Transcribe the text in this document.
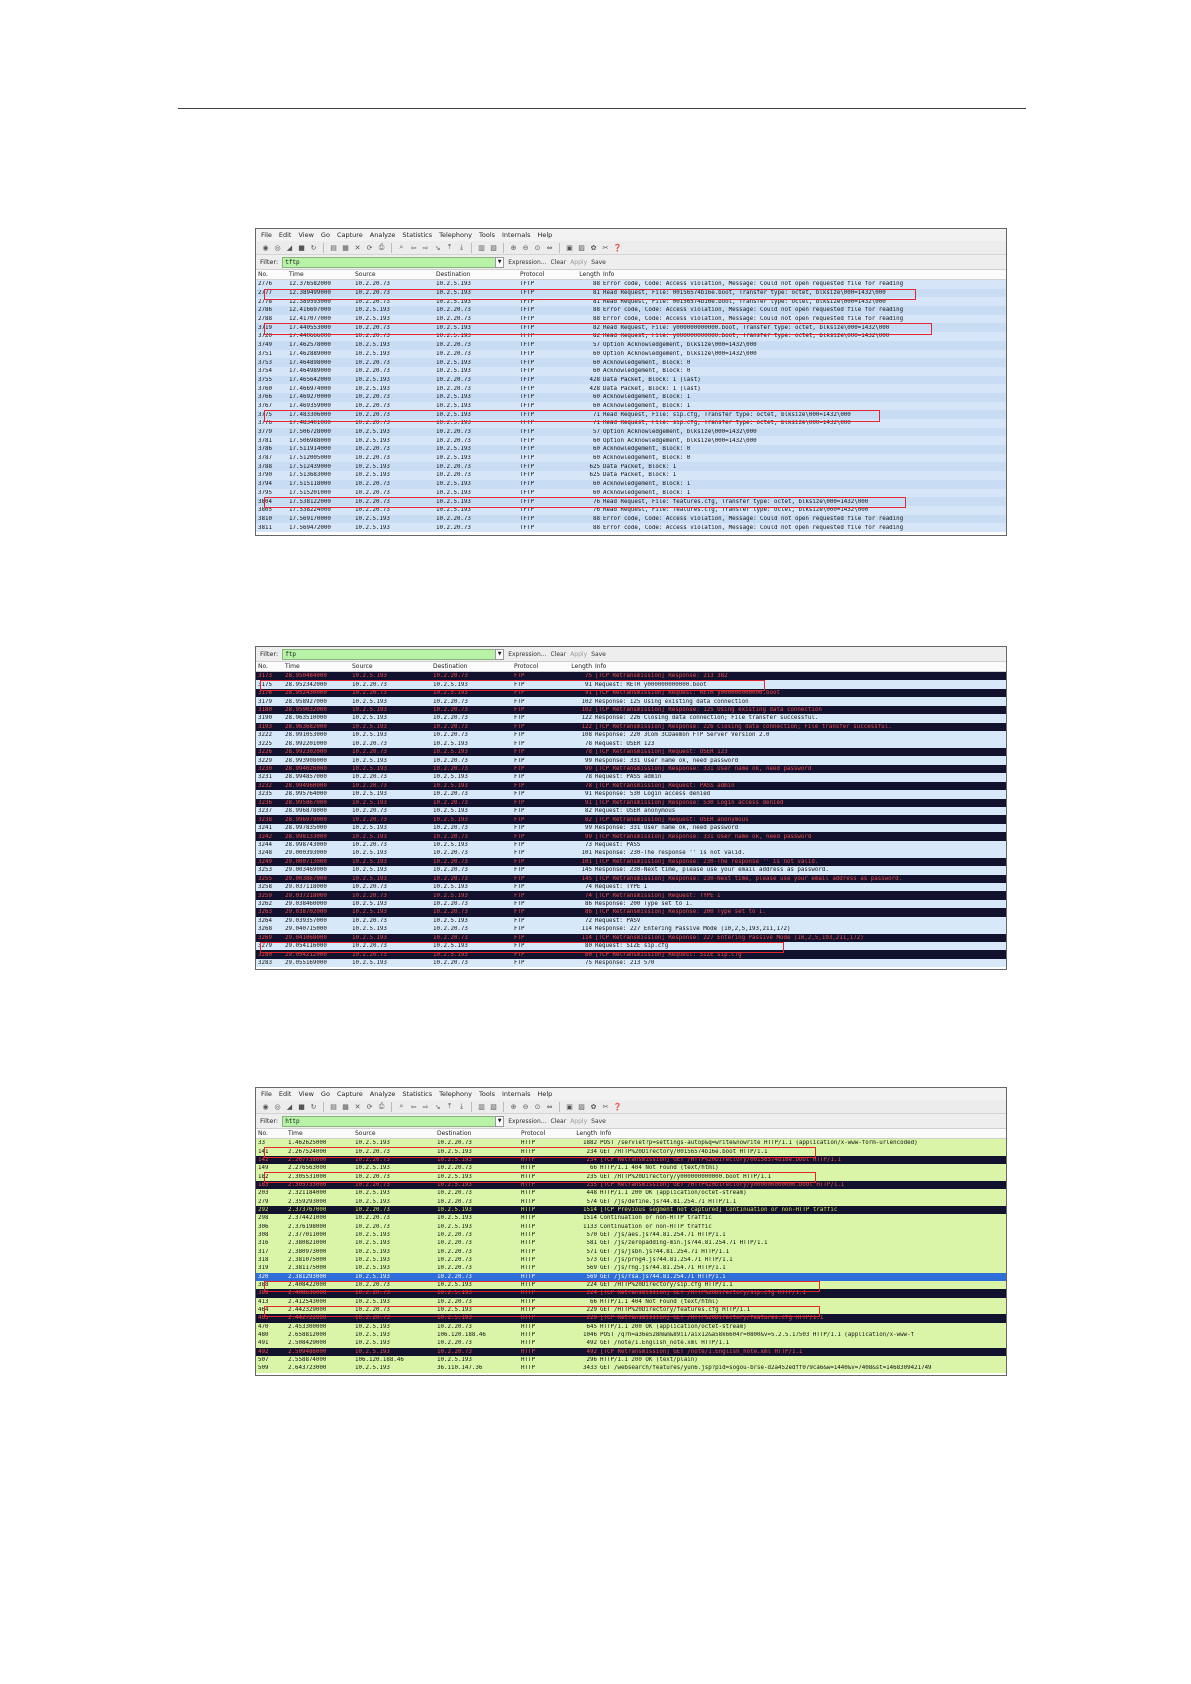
File Edit View Go Capture Analyze Statistics Telephony Tools Internals Help
◉ ◎ ◢ ■ ↻ ▤ ▦ ✕ ⟳ ⎙	⌕	⇦ ⇨ ↘	⤒	⤓	▥ ▧ ⊕ ⊖ ⊙ ⇔ ▣ ▨ ✿ ✂ ❓
Filter:	tftp	▼	Expression... Clear Apply Save
No.	Time	Source	Destination	Protocol	Length Info
2776	12.376582000	10.2.20.73	10.2.5.193	TFTP	88 Error code, Code: Access violation, Message: Could not open requested file for reading
2777	12.389499000	10.2.20.73	10.2.5.193	TFTP	81 Read Request, File: 00156574b16e.boot, Transfer type: octet, blksize\000=1432\000
2778	12.389593000	10.2.20.73	10.2.5.193	TFTP	81 Read Request, File: 00156574b16e.boot, Transfer type: octet, blksize\000=1432\000
2786	12.416697000	10.2.5.193	10.2.20.73	TFTP	88 Error code, Code: Access violation, Message: Could not open requested file for reading
2788	12.417077000	10.2.5.193	10.2.20.73	TFTP	88 Error code, Code: Access violation, Message: Could not open requested file for reading
3719	17.440553000	10.2.20.73	10.2.5.193	TFTP	82 Read Request, File: y000000000000.boot, Transfer type: octet, blksize\000=1432\000
3720	17.440666000	10.2.20.73	10.2.5.193	TFTP	82 Read Request, File: y000000000000.boot, Transfer type: octet, blksize\000=1432\000
3749	17.462578000	10.2.5.193	10.2.20.73	TFTP	57 Option Acknowledgement, blksize\000=1432\000
3751	17.462889000	10.2.5.193	10.2.20.73	TFTP	60 Option Acknowledgement, blksize\000=1432\000
3753	17.464898000	10.2.20.73	10.2.5.193	TFTP	60 Acknowledgement, Block: 0
3754	17.464989000	10.2.20.73	10.2.5.193	TFTP	60 Acknowledgement, Block: 0
3755	17.465642000	10.2.5.193	10.2.20.73	TFTP	428 Data Packet, Block: 1 (last)
3760	17.466974000	10.2.5.193	10.2.20.73	TFTP	428 Data Packet, Block: 1 (last)
3766	17.469270000	10.2.20.73	10.2.5.193	TFTP	60 Acknowledgement, Block: 1
3767	17.469359000	10.2.20.73	10.2.5.193	TFTP	60 Acknowledgement, Block: 1
3775	17.483306000	10.2.20.73	10.2.5.193	TFTP	71 Read Request, File: sip.cfg, Transfer type: octet, blksize\000=1432\000
3776	17.483401000	10.2.20.73	10.2.5.193	TFTP	71 Read Request, File: sip.cfg, Transfer type: octet, blksize\000=1432\000
3779	17.506728000	10.2.5.193	10.2.20.73	TFTP	57 Option Acknowledgement, blksize\000=1432\000
3781	17.506988000	10.2.5.193	10.2.20.73	TFTP	60 Option Acknowledgement, blksize\000=1432\000
3786	17.511914000	10.2.20.73	10.2.5.193	TFTP	60 Acknowledgement, Block: 0
3787	17.512005000	10.2.20.73	10.2.5.193	TFTP	60 Acknowledgement, Block: 0
3788	17.512439000	10.2.5.193	10.2.20.73	TFTP	625 Data Packet, Block: 1
3790	17.513683000	10.2.5.193	10.2.20.73	TFTP	625 Data Packet, Block: 1
3794	17.515118000	10.2.20.73	10.2.5.193	TFTP	60 Acknowledgement, Block: 1
3795	17.515201000	10.2.20.73	10.2.5.193	TFTP	60 Acknowledgement, Block: 1
3804	17.538122000	10.2.20.73	10.2.5.193	TFTP	76 Read Request, File: features.cfg, Transfer type: octet, blksize\000=1432\000
3805	17.538224000	10.2.20.73	10.2.5.193	TFTP	76 Read Request, File: features.cfg, Transfer type: octet, blksize\000=1432\000
3810	17.569170000	10.2.5.193	10.2.20.73	TFTP	88 Error code, Code: Access violation, Message: Could not open requested file for reading
3811	17.569472000	10.2.5.193	10.2.20.73	TFTP	88 Error code, Code: Access violation, Message: Could not open requested file for reading
Filter:	ftp	▼	Expression... Clear Apply Save
No.	Time	Source	Destination	Protocol	Length Info
3173	28.950484000	10.2.5.193	10.2.20.73	FTP	75 [TCP Retransmission] Response: 213 382
3175	28.952342000	10.2.20.73	10.2.5.193	FTP	91 Request: RETR y000000000000.boot
3176	28.952430000	10.2.20.73	10.2.5.193	FTP	91 [TCP Retransmission] Request: RETR y000000000000.boot
3179	28.958927000	10.2.5.193	10.2.20.73	FTP	102 Response: 125 Using existing data connection
3180	28.959032000	10.2.5.193	10.2.20.73	FTP	102 [TCP Retransmission] Response: 125 Using existing data connection
3190	28.963510000	10.2.5.193	10.2.20.73	FTP	122 Response: 226 Closing data connection; File transfer successful.
3193	28.963682000	10.2.5.193	10.2.20.73	FTP	122 [TCP Retransmission] Response: 226 Closing data connection; File transfer successful.
3222	28.991053000	10.2.5.193	10.2.20.73	FTP	108 Response: 220 3Com 3CDaemon FTP Server Version 2.0
3225	28.992201000	10.2.20.73	10.2.5.193	FTP	78 Request: USER 123
3226	28.992302000	10.2.20.73	10.2.5.193	FTP	78 [TCP Retransmission] Request: USER 123
3229	28.993908000	10.2.5.193	10.2.20.73	FTP	99 Response: 331 User name ok, need password
3230	28.994026000	10.2.5.193	10.2.20.73	FTP	99 [TCP Retransmission] Response: 331 User name ok, need password
3231	28.994857000	10.2.20.73	10.2.5.193	FTP	78 Request: PASS admin
3232	28.994960000	10.2.20.73	10.2.5.193	FTP	78 [TCP Retransmission] Request: PASS admin
3235	28.995764000	10.2.5.193	10.2.20.73	FTP	91 Response: 530 Login access denied
3236	28.995867000	10.2.5.193	10.2.20.73	FTP	91 [TCP Retransmission] Response: 530 Login access denied
3237	28.996878000	10.2.20.73	10.2.5.193	FTP	82 Request: USER anonymous
3238	28.996979000	10.2.20.73	10.2.5.193	FTP	82 [TCP Retransmission] Request: USER anonymous
3241	28.997835000	10.2.5.193	10.2.20.73	FTP	99 Response: 331 User name ok, need password
3242	28.998133000	10.2.5.193	10.2.20.73	FTP	99 [TCP Retransmission] Response: 331 User name ok, need password
3244	28.998743000	10.2.20.73	10.2.5.193	FTP	73 Request: PASS
3248	29.000393000	10.2.5.193	10.2.20.73	FTP	101 Response: 230-The response '' is not valid.
3249	29.000713000	10.2.5.193	10.2.20.73	FTP	101 [TCP Retransmission] Response: 230-The response '' is not valid.
3253	29.003469000	10.2.5.193	10.2.20.73	FTP	145 Response: 230-Next time, please use your email address as password.
3255	29.003867000	10.2.5.193	10.2.20.73	FTP	145 [TCP Retransmission] Response: 230-Next time, please use your email address as password.
3258	29.037118000	10.2.20.73	10.2.5.193	FTP	74 Request: TYPE I
3259	29.037218000	10.2.20.73	10.2.5.193	FTP	74 [TCP Retransmission] Request: TYPE I
3262	29.038460000	10.2.5.193	10.2.20.73	FTP	86 Response: 200 Type set to I.
3263	29.038702000	10.2.5.193	10.2.20.73	FTP	86 [TCP Retransmission] Response: 200 Type set to I.
3264	29.039357000	10.2.20.73	10.2.5.193	FTP	72 Request: PASV
3268	29.040715000	10.2.5.193	10.2.20.73	FTP	114 Response: 227 Entering Passive Mode (10,2,5,193,211,172)
3269	29.041068000	10.2.5.193	10.2.20.73	FTP	114 [TCP Retransmission] Response: 227 Entering Passive Mode (10,2,5,193,211,172)
3279	29.054116000	10.2.20.73	10.2.5.193	FTP	80 Request: SIZE sip.cfg
3280	29.054212000	10.2.20.73	10.2.5.193	FTP	80 [TCP Retransmission] Request: SIZE sip.cfg
3283	29.055169000	10.2.5.193	10.2.20.73	FTP	75 Response: 213 570
File Edit View Go Capture Analyze Statistics Telephony Tools Internals Help
◉ ◎ ◢ ■ ↻ ▤ ▦ ✕ ⟳ ⎙	⌕	⇦ ⇨ ↘	⤒	⤓	▥ ▧ ⊕ ⊖ ⊙ ⇔ ▣ ▨ ✿ ✂ ❓
Filter:	http	▼	Expression... Clear Apply Save
No.	Time	Source	Destination	Protocol	Length Info
33	1.462625000	10.2.5.193	10.2.20.73	HTTP	1882 POST /servlet?p=settings-autop&q=write&nowrite HTTP/1.1 (application/x-www-form-urlencoded)
141	2.267524000	10.2.20.73	10.2.5.193	HTTP	234 GET /HTTP%20Directory/00156574b16e.boot HTTP/1.1
142	2.267738000	10.2.20.73	10.2.5.193	HTTP	234 [TCP Retransmission] GET /HTTP%20Directory/00156574b16e.boot HTTP/1.1
149	2.276563000	10.2.5.193	10.2.20.73	HTTP	66 HTTP/1.1 404 Not Found (text/html)
182	2.305531000	10.2.20.73	10.2.5.193	HTTP	235 GET /HTTP%20Directory/y000000000000.boot HTTP/1.1
183	2.305733000	10.2.20.73	10.2.5.193	HTTP	235 [TCP Retransmission] GET /HTTP%20Directory/y000000000000.boot HTTP/1.1
203	2.321184000	10.2.5.193	10.2.20.73	HTTP	448 HTTP/1.1 200 OK (application/octet-stream)
279	2.359293000	10.2.5.193	10.2.20.73	HTTP	574 GET /js/define.js?44.81.254.71 HTTP/1.1
292	2.373767000	10.2.20.73	10.2.5.193	HTTP	1514 [TCP Previous segment not captured] Continuation or non-HTTP traffic
298	2.374421000	10.2.20.73	10.2.5.193	HTTP	1514 Continuation or non-HTTP traffic
306	2.376198000	10.2.20.73	10.2.5.193	HTTP	1133 Continuation or non-HTTP traffic
308	2.377011000	10.2.5.193	10.2.20.73	HTTP	570 GET /js/aes.js?44.81.254.71 HTTP/1.1
316	2.380821000	10.2.5.193	10.2.20.73	HTTP	581 GET /js/zeropadding-min.js?44.81.254.71 HTTP/1.1
317	2.380973000	10.2.5.193	10.2.20.73	HTTP	571 GET /js/jsbn.js?44.81.254.71 HTTP/1.1
318	2.381075000	10.2.5.193	10.2.20.73	HTTP	573 GET /js/prng4.js?44.81.254.71 HTTP/1.1
319	2.381175000	10.2.5.193	10.2.20.73	HTTP	569 GET /js/rng.js?44.81.254.71 HTTP/1.1
320	2.381293000	10.2.5.193	10.2.20.73	HTTP	569 GET /js/rsa.js?44.81.254.71 HTTP/1.1
388	2.408422000	10.2.20.73	10.2.5.193	HTTP	224 GET /HTTP%20Directory/sip.cfg HTTP/1.1
389	2.408636000	10.2.20.73	10.2.5.193	HTTP	224 [TCP Retransmission] GET /HTTP%20Directory/sip.cfg HTTP/1.1
413	2.412543000	10.2.5.193	10.2.20.73	HTTP	66 HTTP/1.1 404 Not Found (text/html)
464	2.442329000	10.2.20.73	10.2.5.193	HTTP	229 GET /HTTP%20Directory/features.cfg HTTP/1.1
465	2.442722000	10.2.20.73	10.2.5.193	HTTP	229 [TCP Retransmission] GET /HTTP%20Directory/features.cfg HTTP/1.1
470	2.453300000	10.2.5.193	10.2.20.73	HTTP	645 HTTP/1.1 200 OK (application/octet-stream)
480	2.658812000	10.2.5.193	106.120.188.46	HTTP	1046 POST /q?h=a36e528m&m&89i17aix12&a58k6604r=0800&v=5.2.5.17503 HTTP/1.1 (application/x-www-f
491	2.508429000	10.2.5.193	10.2.20.73	HTTP	492 GET /note/1.English_note.xml HTTP/1.1
492	2.509486000	10.2.5.193	10.2.20.73	HTTP	492 [TCP Retransmission] GET /note/1.English_note.xml HTTP/1.1
507	2.558874000	106.120.188.46	10.2.5.193	HTTP	296 HTTP/1.1 200 OK (text/plain)
509	2.643723000	10.2.5.193	36.110.147.36	HTTP	3433 GET /websearch/features/yun6.jsp?pid=sogou-brse-d2a452edff079ca6&w=1440&v=7408&st=1468309421749
